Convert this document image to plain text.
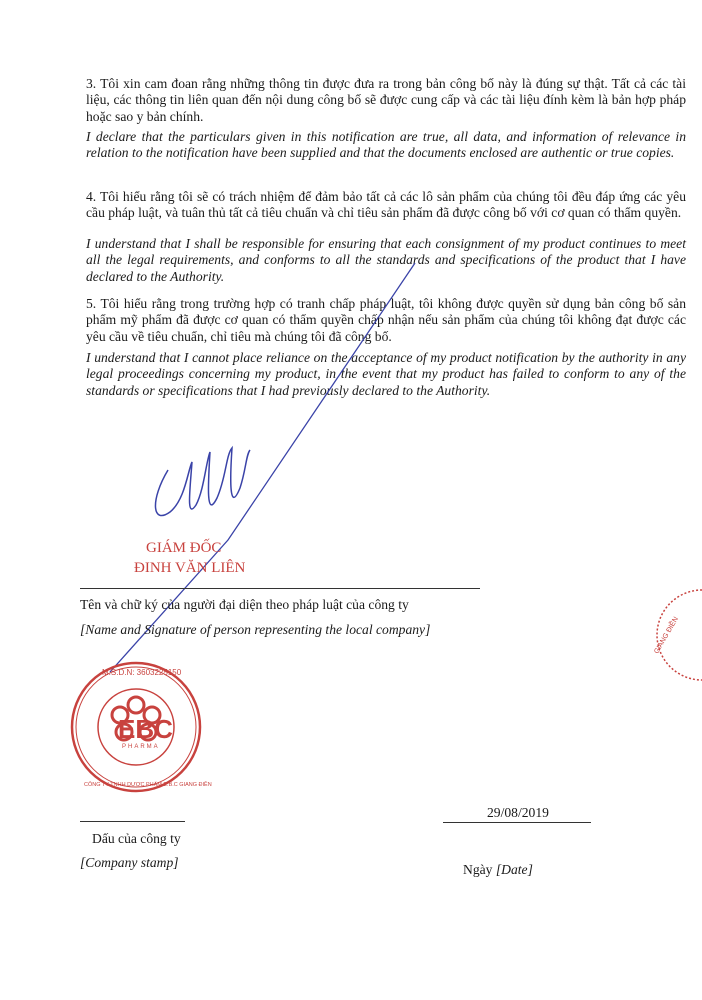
3. Tôi xin cam đoan rằng những thông tin được đưa ra trong bản công bố này là đúng sự thật. Tất cả các tài liệu, các thông tin liên quan đến nội dung công bố sẽ được cung cấp và các tài liệu đính kèm là bản hợp pháp hoặc sao y bản chính.

I declare that the particulars given in this notification are true, all data, and information of relevance in relation to the notification have been supplied and that the documents enclosed are authentic or true copies.

4. Tôi hiểu rằng tôi sẽ có trách nhiệm để đảm bảo tất cả các lô sản phẩm của chúng tôi đều đáp ứng các yêu cầu pháp luật, và tuân thủ tất cả tiêu chuẩn và chỉ tiêu sản phẩm đã được công bố với cơ quan có thẩm quyền.

I understand that I shall be responsible for ensuring that each consignment of my product continues to meet all the legal requirements, and conforms to all the standards and specifications of the product that I have declared to the Authority.

5. Tôi hiểu rằng trong trường hợp có tranh chấp pháp luật, tôi không được quyền sử dụng bản công bố sản phẩm mỹ phẩm đã được cơ quan có thẩm quyền chấp nhận nếu sản phẩm của chúng tôi không đạt được các yêu cầu về tiêu chuẩn, chỉ tiêu mà chúng tôi đã công bố.

I understand that I cannot place reliance on the acceptance of my product notification by the authority in any legal proceedings concerning my product, in the event that my product has failed to conform to any of the standards or specifications that I had previously declared to the Authority.

GIÁM ĐỐC
ĐINH VĂN LIÊN
Tên và chữ ký của người đại diện theo pháp luật của công ty
[Name and Signature of person representing the local company]
EBC
PHARMA
M.S.D.N: 3603225150
CÔNG TY TNHH DƯỢC PHẨM E.B.C GIANG ĐIỀN
GIANG ĐIỀN
Dấu của công ty
[Company stamp]
29/08/2019
Ngày [Date]
